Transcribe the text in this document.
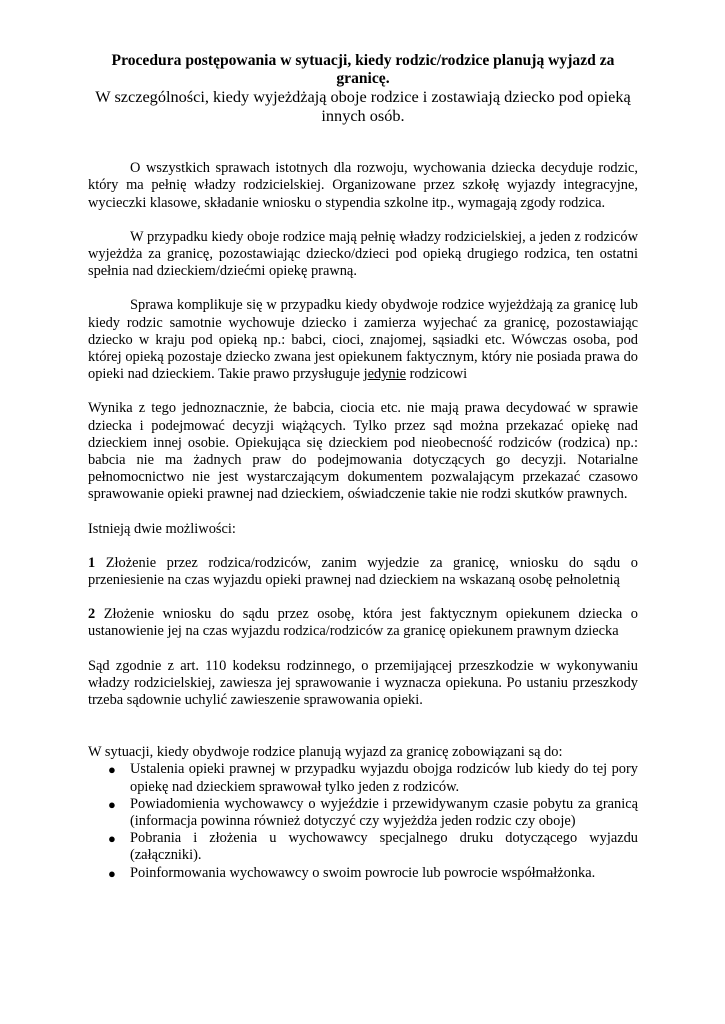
Procedura postępowania w sytuacji, kiedy rodzic/rodzice planują wyjazd za granicę.
W szczególności, kiedy wyjeżdżają oboje rodzice i zostawiają dziecko pod opieką innych osób.

O wszystkich sprawach istotnych dla rozwoju, wychowania dziecka decyduje rodzic, który ma pełnię władzy rodzicielskiej. Organizowane przez szkołę wyjazdy integracyjne, wycieczki klasowe, składanie wniosku o stypendia szkolne itp., wymagają zgody rodzica.

W przypadku kiedy oboje rodzice mają pełnię władzy rodzicielskiej, a jeden z rodziców wyjeżdża za granicę, pozostawiając dziecko/dzieci pod opieką drugiego rodzica, ten ostatni spełnia nad dzieckiem/dziećmi opiekę prawną.

Sprawa komplikuje się w przypadku kiedy obydwoje rodzice wyjeżdżają za granicę lub kiedy rodzic samotnie wychowuje dziecko i zamierza wyjechać za granicę, pozostawiając dziecko w kraju pod opieką np.: babci, cioci, znajomej, sąsiadki etc. Wówczas osoba, pod której opieką pozostaje dziecko zwana jest opiekunem faktycznym, który nie posiada prawa do opieki nad dzieckiem. Takie prawo przysługuje jedynie rodzicowi

Wynika z tego jednoznacznie, że babcia, ciocia etc. nie mają prawa decydować w sprawie dziecka i podejmować decyzji wiążących. Tylko przez sąd można przekazać opiekę nad dzieckiem innej osobie. Opiekująca się dzieckiem pod nieobecność rodziców (rodzica) np.: babcia nie ma żadnych praw do podejmowania dotyczących go decyzji. Notarialne pełnomocnictwo nie jest wystarczającym dokumentem pozwalającym przekazać czasowo sprawowanie opieki prawnej nad dzieckiem, oświadczenie takie nie rodzi skutków prawnych.

Istnieją dwie możliwości:

1 Złożenie przez rodzica/rodziców, zanim wyjedzie za granicę, wniosku do sądu o przeniesienie na czas wyjazdu opieki prawnej nad dzieckiem na wskazaną osobę pełnoletnią

2 Złożenie wniosku do sądu przez osobę, która jest faktycznym opiekunem dziecka o ustanowienie jej na czas wyjazdu rodzica/rodziców za granicę opiekunem prawnym dziecka

Sąd zgodnie z art. 110 kodeksu rodzinnego, o przemijającej przeszkodzie w wykonywaniu władzy rodzicielskiej, zawiesza jej sprawowanie i wyznacza opiekuna. Po ustaniu przeszkody trzeba sądownie uchylić zawieszenie sprawowania opieki.

W sytuacji, kiedy obydwoje rodzice planują wyjazd za granicę zobowiązani są do:

● Ustalenia opieki prawnej w przypadku wyjazdu obojga rodziców lub kiedy do tej pory opiekę nad dzieckiem sprawował tylko jeden z rodziców.
● Powiadomienia wychowawcy o wyjeździe i przewidywanym czasie pobytu za granicą (informacja powinna również dotyczyć czy wyjeżdża jeden rodzic czy oboje)
● Pobrania i złożenia u wychowawcy specjalnego druku dotyczącego wyjazdu (załączniki).
● Poinformowania wychowawcy o swoim powrocie lub powrocie współmałżonka.
